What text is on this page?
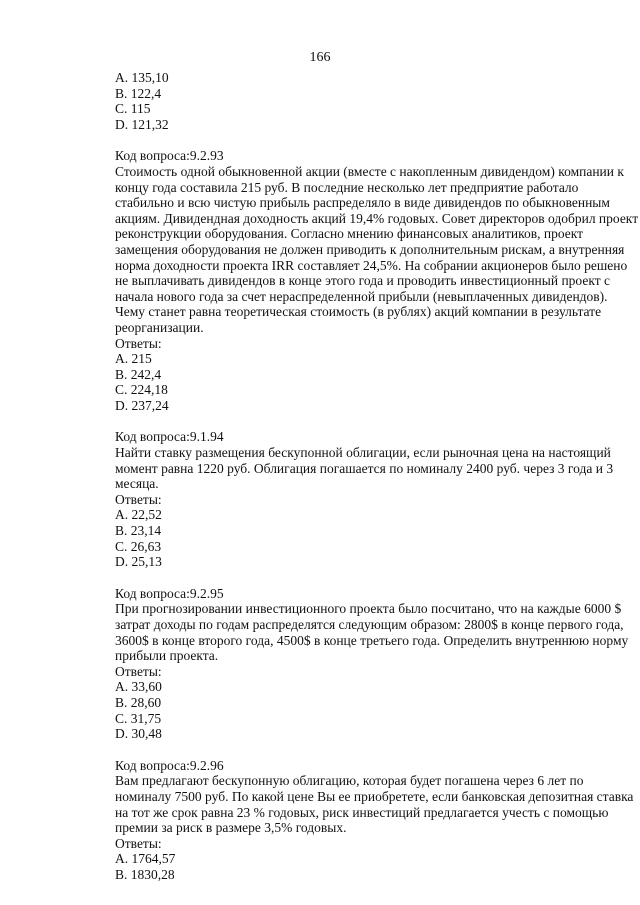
166
A. 135,10
B. 122,4
C. 115
D. 121,32
Код вопроса:9.2.93
Стоимость одной обыкновенной акции (вместе с накопленным дивидендом) компании к
концу года составила 215 руб. В последние несколько лет предприятие работало
стабильно и всю чистую прибыль распределяло в виде дивидендов по обыкновенным
акциям. Дивидендная доходность акций 19,4% годовых. Совет директоров одобрил проект
реконструкции оборудования. Согласно мнению финансовых аналитиков, проект
замещения оборудования не должен приводить к дополнительным рискам, а внутренняя
норма доходности проекта IRR составляет 24,5%. На собрании акционеров было решено
не выплачивать дивидендов в конце этого года и проводить инвестиционный проект с
начала нового года за счет нераспределенной прибыли (невыплаченных дивидендов).
Чему станет равна теоретическая стоимость (в рублях) акций компании в результате
реорганизации.
Ответы:
A. 215
B. 242,4
C. 224,18
D. 237,24
Код вопроса:9.1.94
Найти ставку размещения бескупонной облигации, если рыночная цена на настоящий
момент равна 1220 руб. Облигация погашается по номиналу 2400 руб. через 3 года и 3
месяца.
Ответы:
A. 22,52
B. 23,14
C. 26,63
D. 25,13
Код вопроса:9.2.95
При прогнозировании инвестиционного проекта было посчитано, что на каждые 6000 $
затрат доходы по годам распределятся следующим образом: 2800$ в конце первого года,
3600$ в конце второго года, 4500$ в конце третьего года. Определить внутреннюю норму
прибыли проекта.
Ответы:
A. 33,60
B. 28,60
C. 31,75
D. 30,48
Код вопроса:9.2.96
Вам предлагают бескупонную облигацию, которая будет погашена через 6 лет по
номиналу 7500 руб. По какой цене Вы ее приобретете, если банковская депозитная ставка
на тот же срок равна 23 % годовых, риск инвестиций предлагается учесть с помощью
премии за риск в размере 3,5% годовых.
Ответы:
A. 1764,57
B. 1830,28
